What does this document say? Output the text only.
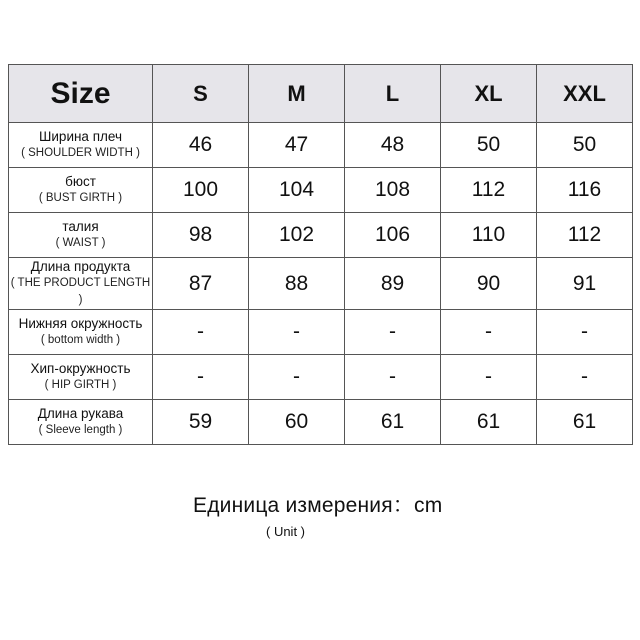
Size	S	M	L	XL	XXL

Ширина плеч
( SHOULDER WIDTH )	46	47	48	50	50

бюст
( BUST GIRTH )	100	104	108	112	116

талия
( WAIST )	98	102	106	110	112

Длина продукта
( THE PRODUCT LENGTH )	87	88	89	90	91

Нижняя окружность
( bottom width )	-	-	-	-	-

Хип-окружность
( HIP GIRTH )	-	-	-	-	-

Длина рукава
( Sleeve length )	59	60	61	61	61
Единица измерения：cm
( Unit )
